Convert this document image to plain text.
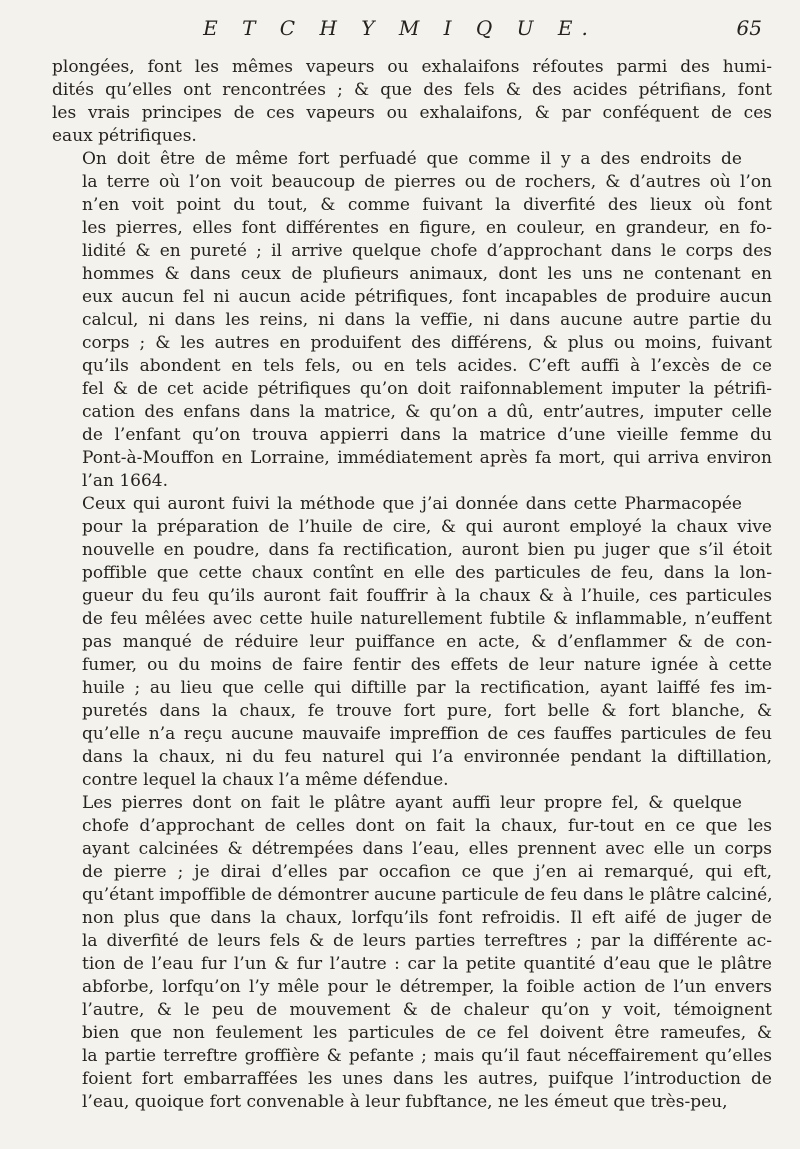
E T C H Y M I Q U E.	65

plongées, font les mêmes vapeurs ou exhalaifons réfoutes parmi des humi-
dités qu’elles ont rencontrées ; & que des fels & des acides pétrifians, font
les vrais principes de ces vapeurs ou exhalaifons, & par conféquent de ces
eaux pétrifiques.

On doit être de même fort perfuadé que comme il y a des endroits de
la terre où l’on voit beaucoup de pierres ou de rochers, & d’autres où l’on
n’en voit point du tout, & comme fuivant la diverfité des lieux où font
les pierres, elles font différentes en figure, en couleur, en grandeur, en fo-
lidité & en pureté ; il arrive quelque chofe d’approchant dans le corps des
hommes & dans ceux de plufieurs animaux, dont les uns ne contenant en
eux aucun fel ni aucun acide pétrifiques, font incapables de produire aucun
calcul, ni dans les reins, ni dans la veffie, ni dans aucune autre partie du
corps ; & les autres en produifent des différens, & plus ou moins, fuivant
qu’ils abondent en tels fels, ou en tels acides. C’eft auffi à l’excès de ce
fel & de cet acide pétrifiques qu’on doit raifonnablement imputer la pétrifi-
cation des enfans dans la matrice, & qu’on a dû, entr’autres, imputer celle
de l’enfant qu’on trouva appierri dans la matrice d’une vieille femme du
Pont-à-Mouffon en Lorraine, immédiatement après fa mort, qui arriva environ
l’an 1664.

Ceux qui auront fuivi la méthode que j’ai donnée dans cette Pharmacopée
pour la préparation de l’huile de cire, & qui auront employé la chaux vive
nouvelle en poudre, dans fa rectification, auront bien pu juger que s’il étoit
poffible que cette chaux contînt en elle des particules de feu, dans la lon-
gueur du feu qu’ils auront fait fouffrir à la chaux & à l’huile, ces particules
de feu mêlées avec cette huile naturellement fubtile & inflammable, n’euffent
pas manqué de réduire leur puiffance en acte, & d’enflammer & de con-
fumer, ou du moins de faire fentir des effets de leur nature ignée à cette
huile ; au lieu que celle qui diftille par la rectification, ayant laiffé fes im-
puretés dans la chaux, fe trouve fort pure, fort belle & fort blanche, &
qu’elle n’a reçu aucune mauvaife impreffion de ces fauffes particules de feu
dans la chaux, ni du feu naturel qui l’a environnée pendant la diftillation,
contre lequel la chaux l’a même défendue.

Les pierres dont on fait le plâtre ayant auffi leur propre fel, & quelque
chofe d’approchant de celles dont on fait la chaux, fur-tout en ce que les
ayant calcinées & détrempées dans l’eau, elles prennent avec elle un corps
de pierre ; je dirai d’elles par occafion ce que j’en ai remarqué, qui eft,
qu’étant impoffible de démontrer aucune particule de feu dans le plâtre calciné,
non plus que dans la chaux, lorfqu’ils font refroidis. Il eft aifé de juger de
la diverfité de leurs fels & de leurs parties terreftres ; par la différente ac-
tion de l’eau fur l’un & fur l’autre : car la petite quantité d’eau que le plâtre
abforbe, lorfqu’on l’y mêle pour le détremper, la foible action de l’un envers
l’autre, & le peu de mouvement & de chaleur qu’on y voit, témoignent
bien que non feulement les particules de ce fel doivent être rameufes, &
la partie terreftre groffière & pefante ; mais qu’il faut néceffairement qu’elles
foient fort embarraffées les unes dans les autres, puifque l’introduction de
l’eau, quoique fort convenable à leur fubftance, ne les émeut que très-peu,
